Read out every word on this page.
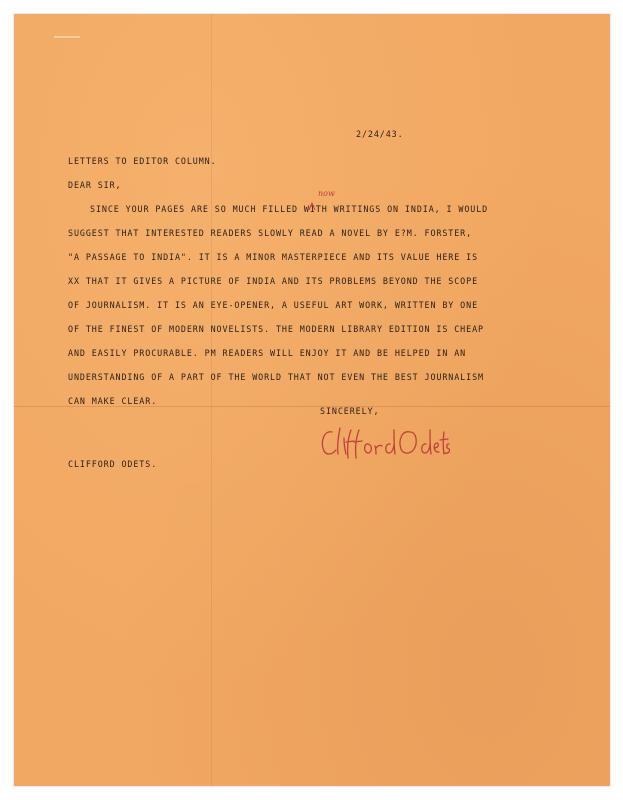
2/24/43.
LETTERS TO EDITOR COLUMN.
DEAR SIR,
SINCE YOUR PAGES ARE SO MUCH FILLED WITH WRITINGS ON INDIA, I WOULD
SUGGEST THAT INTERESTED READERS SLOWLY READ A NOVEL BY E?M. FORSTER,
"A PASSAGE TO INDIA". IT IS A MINOR MASTERPIECE AND ITS VALUE HERE IS
XX THAT IT GIVES A PICTURE OF INDIA AND ITS PROBLEMS BEYOND THE SCOPE
OF JOURNALISM. IT IS AN EYE-OPENER, A USEFUL ART WORK, WRITTEN BY ONE
OF THE FINEST OF MODERN NOVELISTS. THE MODERN LIBRARY EDITION IS CHEAP
AND EASILY PROCURABLE. PM READERS WILL ENJOY IT AND BE HELPED IN AN
UNDERSTANDING OF A PART OF THE WORLD THAT NOT EVEN THE BEST JOURNALISM
CAN MAKE CLEAR.
now
SINCERELY,
CLIFFORD ODETS.
